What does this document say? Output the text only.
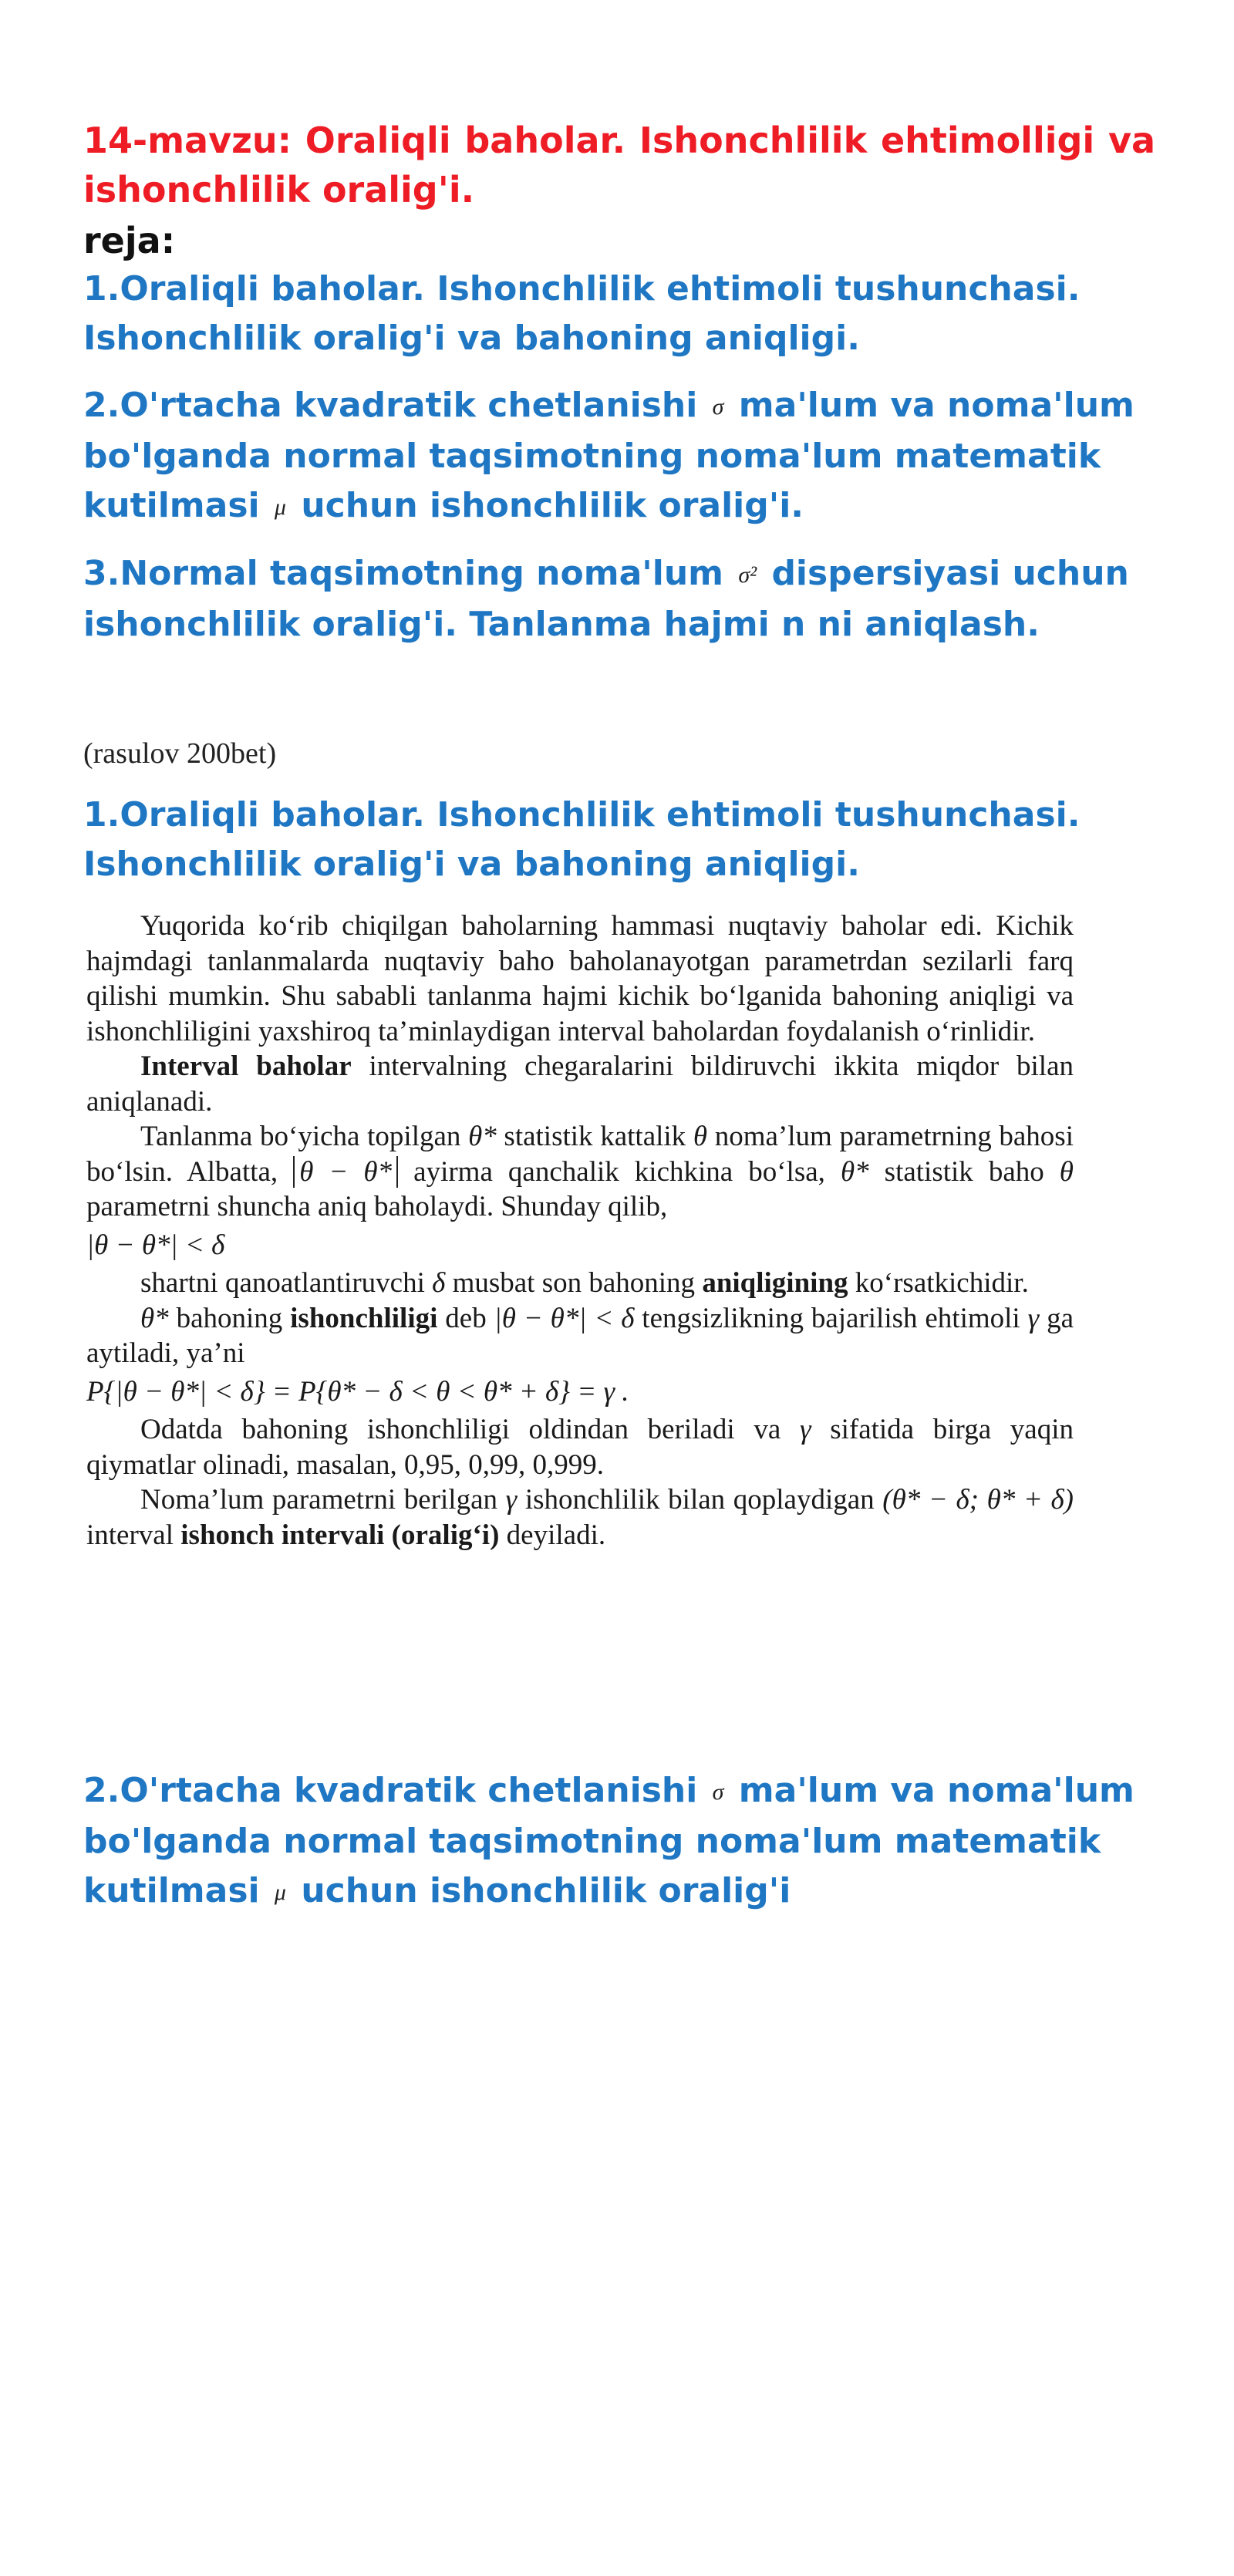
14-mavzu: Oraliqli baholar. Ishonchlilik ehtimolligi va ishonchlilik oralig'i.

reja:

1.Oraliqli baholar. Ishonchlilik ehtimoli tushunchasi.
Ishonchlilik oralig'i va bahoning aniqligi.
2.O'rtacha kvadratik chetlanishi σ ma'lum va noma'lum
bo'lganda normal taqsimotning noma'lum matematik
kutilmasi μ uchun ishonchlilik oralig'i.
3.Normal taqsimotning noma'lum σ² dispersiyasi uchun
ishonchlilik oralig'i. Tanlanma hajmi n ni aniqlash.

(rasulov 200bet)

1.Oraliqli baholar. Ishonchlilik ehtimoli tushunchasi.
Ishonchlilik oralig'i va bahoning aniqligi.

Yuqorida ko‘rib chiqilgan baholarning hammasi nuqtaviy baholar edi. Kichik hajmdagi tanlanmalarda nuqtaviy baho baholanayotgan parametrdan sezilarli farq qilishi mumkin. Shu sababli tanlanma hajmi kichik bo‘lganida bahoning aniqligi va ishonchliligini yaxshiroq ta’minlaydigan interval baholardan foydalanish o‘rinlidir.

Interval baholar intervalning chegaralarini bildiruvchi ikkita miqdor bilan aniqlanadi.

Tanlanma bo‘yicha topilgan θ* statistik kattalik θ noma’lum parametrning bahosi bo‘lsin. Albatta, θ − θ* ayirma qanchalik kichkina bo‘lsa, θ* statistik baho θ parametrni shuncha aniq baholaydi. Shunday qilib,

|θ − θ*| < δ

shartni qanoatlantiruvchi δ musbat son bahoning aniqligining ko‘rsatkichidir.

θ* bahoning ishonchliligi deb |θ − θ*| < δ tengsizlikning bajarilish ehtimoli γ ga aytiladi, ya’ni

P{|θ − θ*| < δ} = P{θ* − δ < θ < θ* + δ} = γ .

Odatda bahoning ishonchliligi oldindan beriladi va γ sifatida birga yaqin qiymatlar olinadi, masalan, 0,95, 0,99, 0,999.

Noma’lum parametrni berilgan γ ishonchlilik bilan qoplaydigan (θ* − δ; θ* + δ) interval ishonch intervali (oralig‘i) deyiladi.

2.O'rtacha kvadratik chetlanishi σ ma'lum va noma'lum
bo'lganda normal taqsimotning noma'lum matematik
kutilmasi μ uchun ishonchlilik oralig'i
